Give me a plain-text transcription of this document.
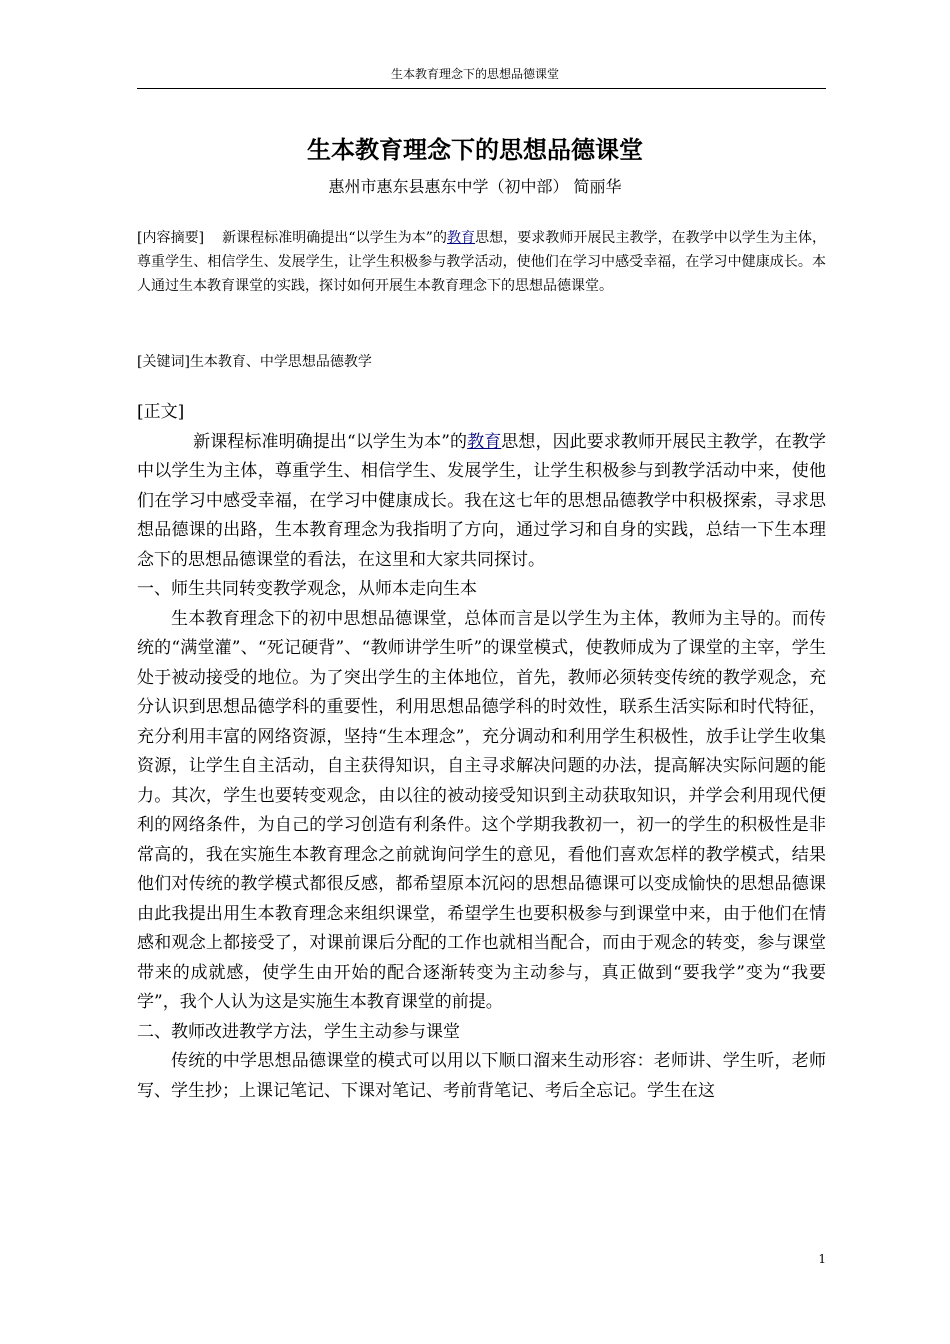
生本教育理念下的思想品德课堂
生本教育理念下的思想品德课堂
惠州市惠东县惠东中学（初中部） 简丽华
[内容摘要] 新课程标准明确提出“以学生为本”的教育思想，要求教师开展民主教学，在教学中以学生为主体，尊重学生、相信学生、发展学生，让学生积极参与教学活动，使他们在学习中感受幸福，在学习中健康成长。本人通过生本教育课堂的实践，探讨如何开展生本教育理念下的思想品德课堂。
[关键词]生本教育、中学思想品德教学

[正文]

新课程标准明确提出“以学生为本”的教育思想，因此要求教师开展民主教学，在教学中以学生为主体，尊重学生、相信学生、发展学生，让学生积极参与到教学活动中来，使他们在学习中感受幸福，在学习中健康成长。我在这七年的思想品德教学中积极探索，寻求思想品德课的出路，生本教育理念为我指明了方向，通过学习和自身的实践，总结一下生本理念下的思想品德课堂的看法，在这里和大家共同探讨。

一、师生共同转变教学观念，从师本走向生本

生本教育理念下的初中思想品德课堂，总体而言是以学生为主体，教师为主导的。而传统的“满堂灌”、“死记硬背”、“教师讲学生听”的课堂模式，使教师成为了课堂的主宰，学生处于被动接受的地位。为了突出学生的主体地位，首先，教师必须转变传统的教学观念，充分认识到思想品德学科的重要性，利用思想品德学科的时效性，联系生活实际和时代特征，充分利用丰富的网络资源，坚持“生本理念”，充分调动和利用学生积极性，放手让学生收集资源，让学生自主活动，自主获得知识，自主寻求解决问题的办法，提高解决实际问题的能力。其次，学生也要转变观念，由以往的被动接受知识到主动获取知识，并学会利用现代便利的网络条件，为自己的学习创造有利条件。这个学期我教初一，初一的学生的积极性是非常高的，我在实施生本教育理念之前就询问学生的意见，看他们喜欢怎样的教学模式，结果他们对传统的教学模式都很反感，都希望原本沉闷的思想品德课可以变成愉快的思想品德课由此我提出用生本教育理念来组织课堂，希望学生也要积极参与到课堂中来，由于他们在情感和观念上都接受了，对课前课后分配的工作也就相当配合，而由于观念的转变，参与课堂带来的成就感，使学生由开始的配合逐渐转变为主动参与，真正做到“要我学”变为“我要学”，我个人认为这是实施生本教育课堂的前提。

二、教师改进教学方法，学生主动参与课堂

传统的中学思想品德课堂的模式可以用以下顺口溜来生动形容：老师讲、学生听，老师写、学生抄；上课记笔记、下课对笔记、考前背笔记、考后全忘记。学生在这

1
